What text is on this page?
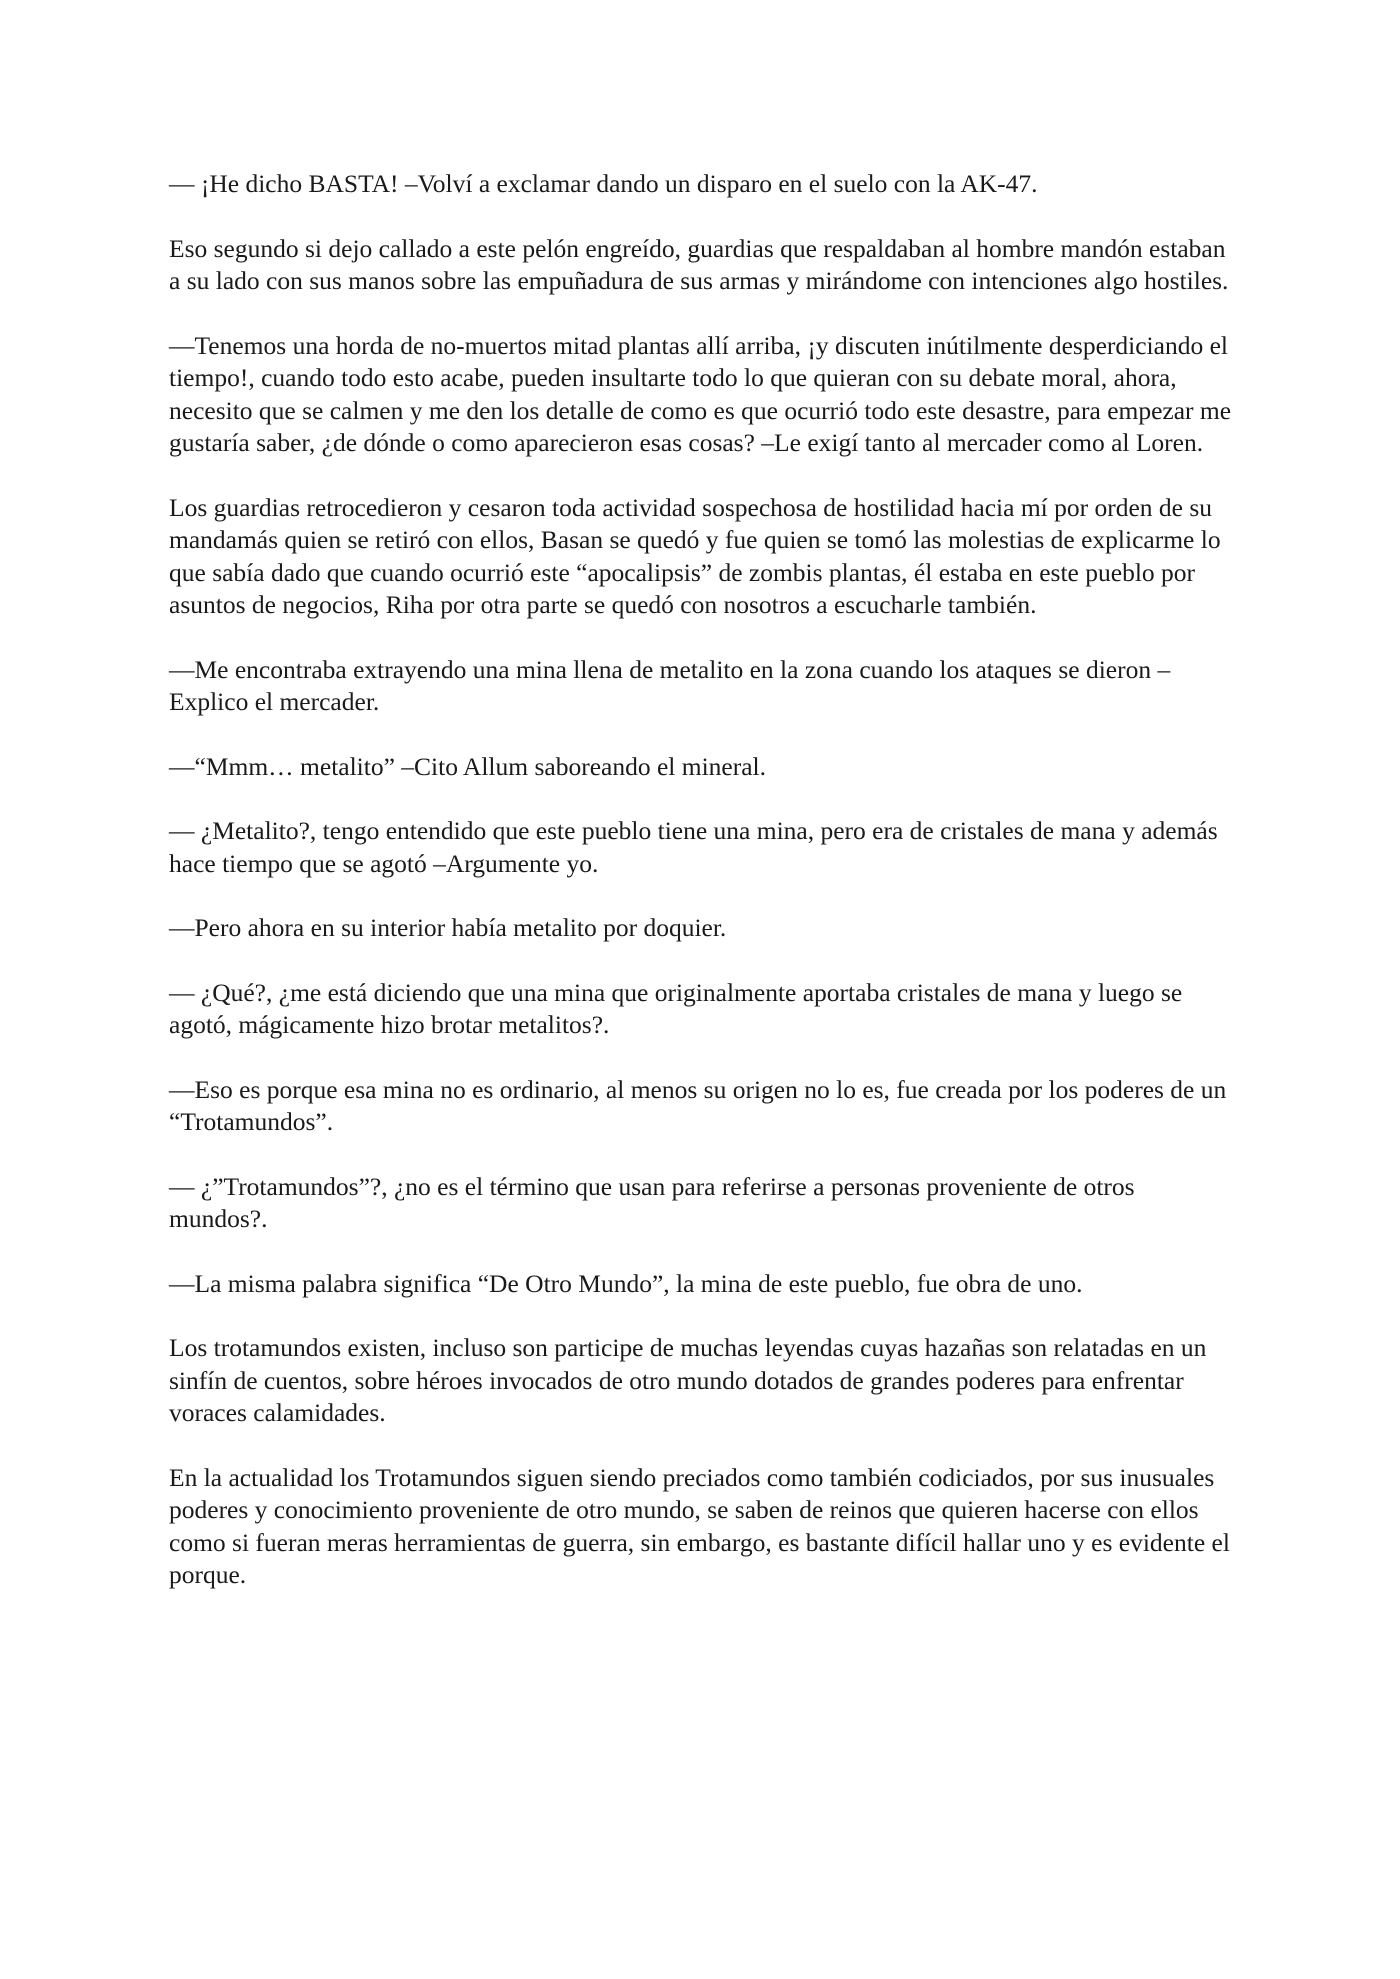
— ¡He dicho BASTA! –Volví a exclamar dando un disparo en el suelo con la AK-47.

Eso segundo si dejo callado a este pelón engreído, guardias que respaldaban al hombre mandón estaban a su lado con sus manos sobre las empuñadura de sus armas y mirándome con intenciones algo hostiles.

—Tenemos una horda de no-muertos mitad plantas allí arriba, ¡y discuten inútilmente desperdiciando el tiempo!, cuando todo esto acabe, pueden insultarte todo lo que quieran con su debate moral, ahora, necesito que se calmen y me den los detalle de como es que ocurrió todo este desastre, para empezar me gustaría saber, ¿de dónde o como aparecieron esas cosas? –Le exigí tanto al mercader como al Loren.

Los guardias retrocedieron y cesaron toda actividad sospechosa de hostilidad hacia mí por orden de su mandamás quien se retiró con ellos, Basan se quedó y fue quien se tomó las molestias de explicarme lo que sabía dado que cuando ocurrió este “apocalipsis” de zombis plantas, él estaba en este pueblo por asuntos de negocios, Riha por otra parte se quedó con nosotros a escucharle también.

—Me encontraba extrayendo una mina llena de metalito en la zona cuando los ataques se dieron –Explico el mercader.

—“Mmm… metalito” –Cito Allum saboreando el mineral.

— ¿Metalito?, tengo entendido que este pueblo tiene una mina, pero era de cristales de mana y además hace tiempo que se agotó –Argumente yo.

—Pero ahora en su interior había metalito por doquier.

— ¿Qué?, ¿me está diciendo que una mina que originalmente aportaba cristales de mana y luego se agotó, mágicamente hizo brotar metalitos?.

—Eso es porque esa mina no es ordinario, al menos su origen no lo es, fue creada por los poderes de un “Trotamundos”.

— ¿”Trotamundos”?, ¿no es el término que usan para referirse a personas proveniente de otros mundos?.

—La misma palabra significa “De Otro Mundo”, la mina de este pueblo, fue obra de uno.

Los trotamundos existen, incluso son participe de muchas leyendas cuyas hazañas son relatadas en un sinfín de cuentos, sobre héroes invocados de otro mundo dotados de grandes poderes para enfrentar voraces calamidades.

En la actualidad los Trotamundos siguen siendo preciados como también codiciados, por sus inusuales poderes y conocimiento proveniente de otro mundo, se saben de reinos que quieren hacerse con ellos como si fueran meras herramientas de guerra, sin embargo, es bastante difícil hallar uno y es evidente el porque.
